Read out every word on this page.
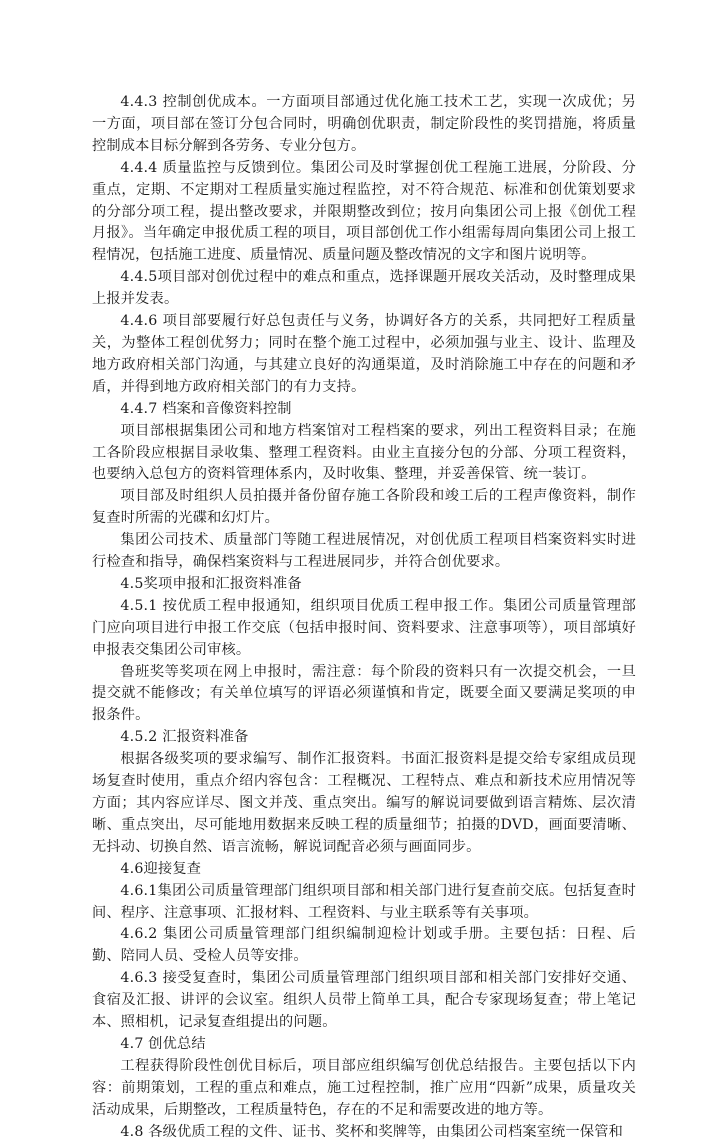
4.4.3 控制创优成本。一方面项目部通过优化施工技术工艺，实现一次成优；另一方面，项目部在签订分包合同时，明确创优职责，制定阶段性的奖罚措施，将质量控制成本目标分解到各劳务、专业分包方。

4.4.4 质量监控与反馈到位。集团公司及时掌握创优工程施工进展，分阶段、分重点，定期、不定期对工程质量实施过程监控，对不符合规范、标准和创优策划要求的分部分项工程，提出整改要求，并限期整改到位；按月向集团公司上报《创优工程月报》。当年确定申报优质工程的项目，项目部创优工作小组需每周向集团公司上报工程情况，包括施工进度、质量情况、质量问题及整改情况的文字和图片说明等。

4.4.5项目部对创优过程中的难点和重点，选择课题开展攻关活动，及时整理成果上报并发表。

4.4.6 项目部要履行好总包责任与义务，协调好各方的关系，共同把好工程质量关，为整体工程创优努力；同时在整个施工过程中，必须加强与业主、设计、监理及地方政府相关部门沟通，与其建立良好的沟通渠道，及时消除施工中存在的问题和矛盾，并得到地方政府相关部门的有力支持。

4.4.7 档案和音像资料控制

项目部根据集团公司和地方档案馆对工程档案的要求，列出工程资料目录；在施工各阶段应根据目录收集、整理工程资料。由业主直接分包的分部、分项工程资料，也要纳入总包方的资料管理体系内，及时收集、整理，并妥善保管、统一装订。

项目部及时组织人员拍摄并备份留存施工各阶段和竣工后的工程声像资料，制作复查时所需的光碟和幻灯片。

集团公司技术、质量部门等随工程进展情况，对创优质工程项目档案资料实时进行检查和指导，确保档案资料与工程进展同步，并符合创优要求。

4.5奖项申报和汇报资料准备

4.5.1 按优质工程申报通知，组织项目优质工程申报工作。集团公司质量管理部门应向项目进行申报工作交底（包括申报时间、资料要求、注意事项等），项目部填好申报表交集团公司审核。

鲁班奖等奖项在网上申报时，需注意：每个阶段的资料只有一次提交机会，一旦提交就不能修改；有关单位填写的评语必须谨慎和肯定，既要全面又要满足奖项的申报条件。

4.5.2 汇报资料准备

根据各级奖项的要求编写、制作汇报资料。书面汇报资料是提交给专家组成员现场复查时使用，重点介绍内容包含：工程概况、工程特点、难点和新技术应用情况等方面；其内容应详尽、图文并茂、重点突出。编写的解说词要做到语言精炼、层次清晰、重点突出，尽可能地用数据来反映工程的质量细节；拍摄的DVD，画面要清晰、无抖动、切换自然、语言流畅，解说词配音必须与画面同步。

4.6迎接复查

4.6.1集团公司质量管理部门组织项目部和相关部门进行复查前交底。包括复查时间、程序、注意事项、汇报材料、工程资料、与业主联系等有关事项。

4.6.2 集团公司质量管理部门组织编制迎检计划或手册。主要包括：日程、后勤、陪同人员、受检人员等安排。

4.6.3 接受复查时，集团公司质量管理部门组织项目部和相关部门安排好交通、食宿及汇报、讲评的会议室。组织人员带上简单工具，配合专家现场复查；带上笔记本、照相机，记录复查组提出的问题。

4.7 创优总结

工程获得阶段性创优目标后，项目部应组织编写创优总结报告。主要包括以下内容：前期策划，工程的重点和难点，施工过程控制，推广应用“四新”成果，质量攻关活动成果，后期整改，工程质量特色，存在的不足和需要改进的地方等。

4.8 各级优质工程的文件、证书、奖杯和奖牌等，由集团公司档案室统一保管和
